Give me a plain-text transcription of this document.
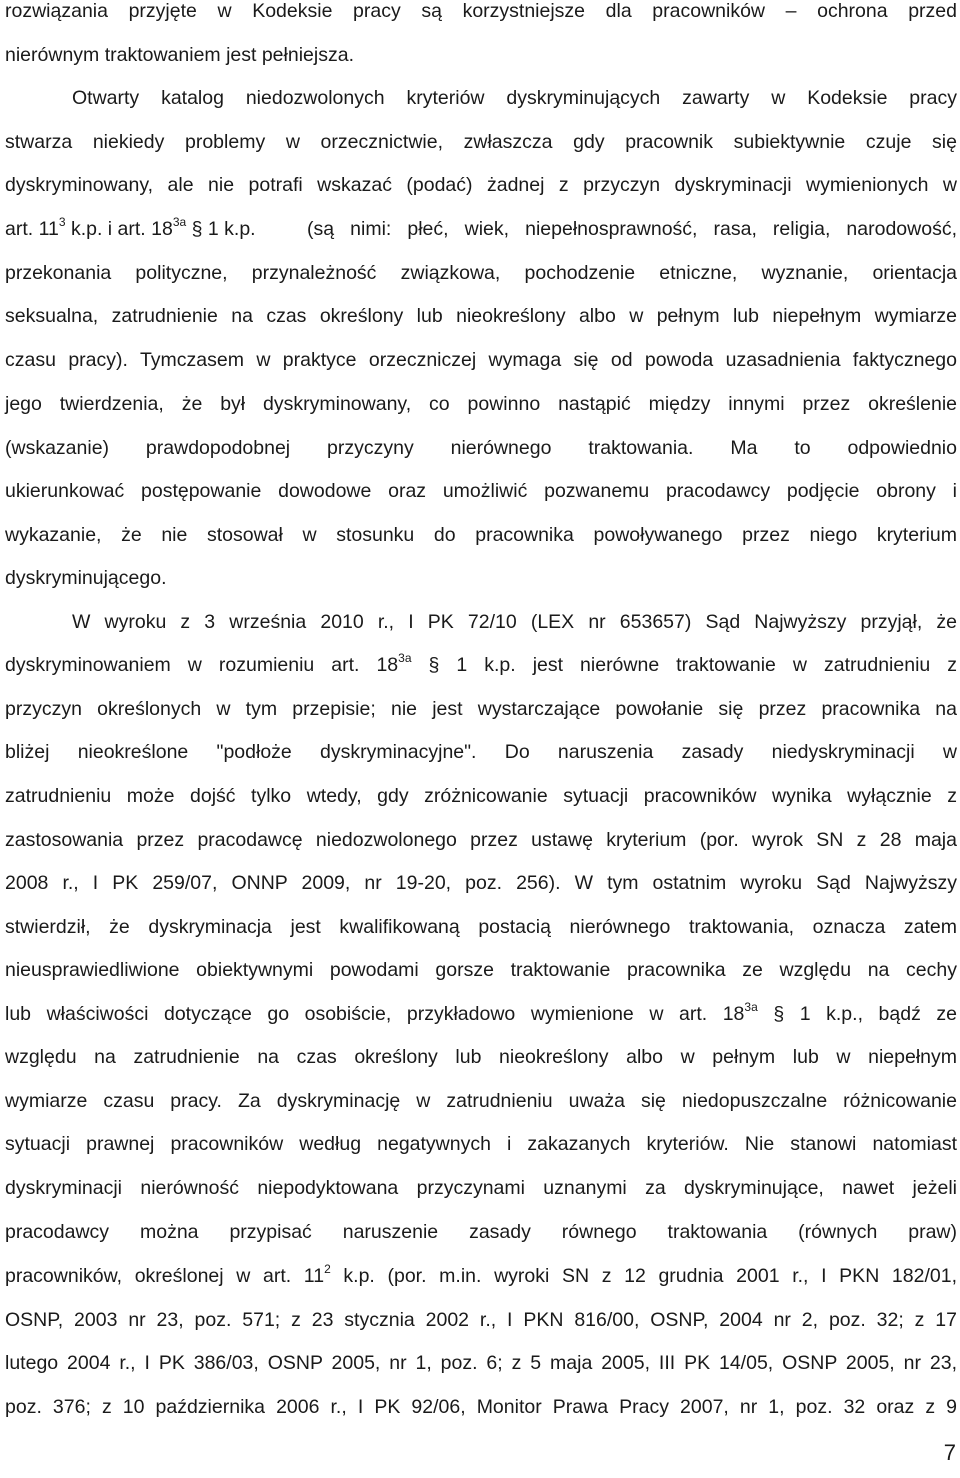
rozwiązania przyjęte w Kodeksie pracy są korzystniejsze dla pracowników – ochrona przed
nierównym traktowaniem jest pełniejsza.
Otwarty katalog niedozwolonych kryteriów dyskryminujących zawarty w Kodeksie pracy
stwarza niekiedy problemy w orzecznictwie, zwłaszcza gdy pracownik subiektywnie czuje się
dyskryminowany, ale nie potrafi wskazać (podać) żadnej z przyczyn dyskryminacji wymienionych w
art. $11^3$ k.p. i art. $18^{3a}$ § 1 k.p.	(są nimi: płeć, wiek, niepełnosprawność, rasa, religia, narodowość,
przekonania polityczne, przynależność związkowa, pochodzenie etniczne, wyznanie, orientacja
seksualna, zatrudnienie na czas określony lub nieokreślony albo w pełnym lub niepełnym wymiarze
czasu pracy). Tymczasem w praktyce orzeczniczej wymaga się od powoda uzasadnienia faktycznego
jego twierdzenia, że był dyskryminowany, co powinno nastąpić między innymi przez określenie
(wskazanie) prawdopodobnej przyczyny nierównego traktowania. Ma to odpowiednio
ukierunkować postępowanie dowodowe oraz umożliwić pozwanemu pracodawcy podjęcie obrony i
wykazanie, że nie stosował w stosunku do pracownika powoływanego przez niego kryterium
dyskryminującego.
W wyroku z 3 września 2010 r., I PK 72/10 (LEX nr 653657) Sąd Najwyższy przyjął, że
dyskryminowaniem w rozumieniu art. $18^{3a}$ § 1 k.p. jest nierówne traktowanie w zatrudnieniu z
przyczyn określonych w tym przepisie; nie jest wystarczające powołanie się przez pracownika na
bliżej nieokreślone "podłoże dyskryminacyjne". Do naruszenia zasady niedyskryminacji w
zatrudnieniu może dojść tylko wtedy, gdy zróżnicowanie sytuacji pracowników wynika wyłącznie z
zastosowania przez pracodawcę niedozwolonego przez ustawę kryterium (por. wyrok SN z 28 maja
2008 r., I PK 259/07, ONNP 2009, nr 19-20, poz. 256). W tym ostatnim wyroku Sąd Najwyższy
stwierdził, że dyskryminacja jest kwalifikowaną postacią nierównego traktowania, oznacza zatem
nieusprawiedliwione obiektywnymi powodami gorsze traktowanie pracownika ze względu na cechy
lub właściwości dotyczące go osobiście, przykładowo wymienione w art. $18^{3a}$ § 1 k.p., bądź ze
względu na zatrudnienie na czas określony lub nieokreślony albo w pełnym lub w niepełnym
wymiarze czasu pracy. Za dyskryminację w zatrudnieniu uważa się niedopuszczalne różnicowanie
sytuacji prawnej pracowników według negatywnych i zakazanych kryteriów. Nie stanowi natomiast
dyskryminacji nierówność niepodyktowana przyczynami uznanymi za dyskryminujące, nawet jeżeli
pracodawcy można przypisać naruszenie zasady równego traktowania (równych praw)
pracowników, określonej w art. $11^2$ k.p. (por. m.in. wyroki SN z 12 grudnia 2001 r., I PKN 182/01,
OSNP, 2003 nr 23, poz. 571; z 23 stycznia 2002 r., I PKN 816/00, OSNP, 2004 nr 2, poz. 32; z 17
lutego 2004 r., I PK 386/03, OSNP 2005, nr 1, poz. 6; z 5 maja 2005, III PK 14/05, OSNP 2005, nr 23,
poz. 376; z 10 października 2006 r., I PK 92/06, Monitor Prawa Pracy 2007, nr 1, poz. 32 oraz z 9
7
